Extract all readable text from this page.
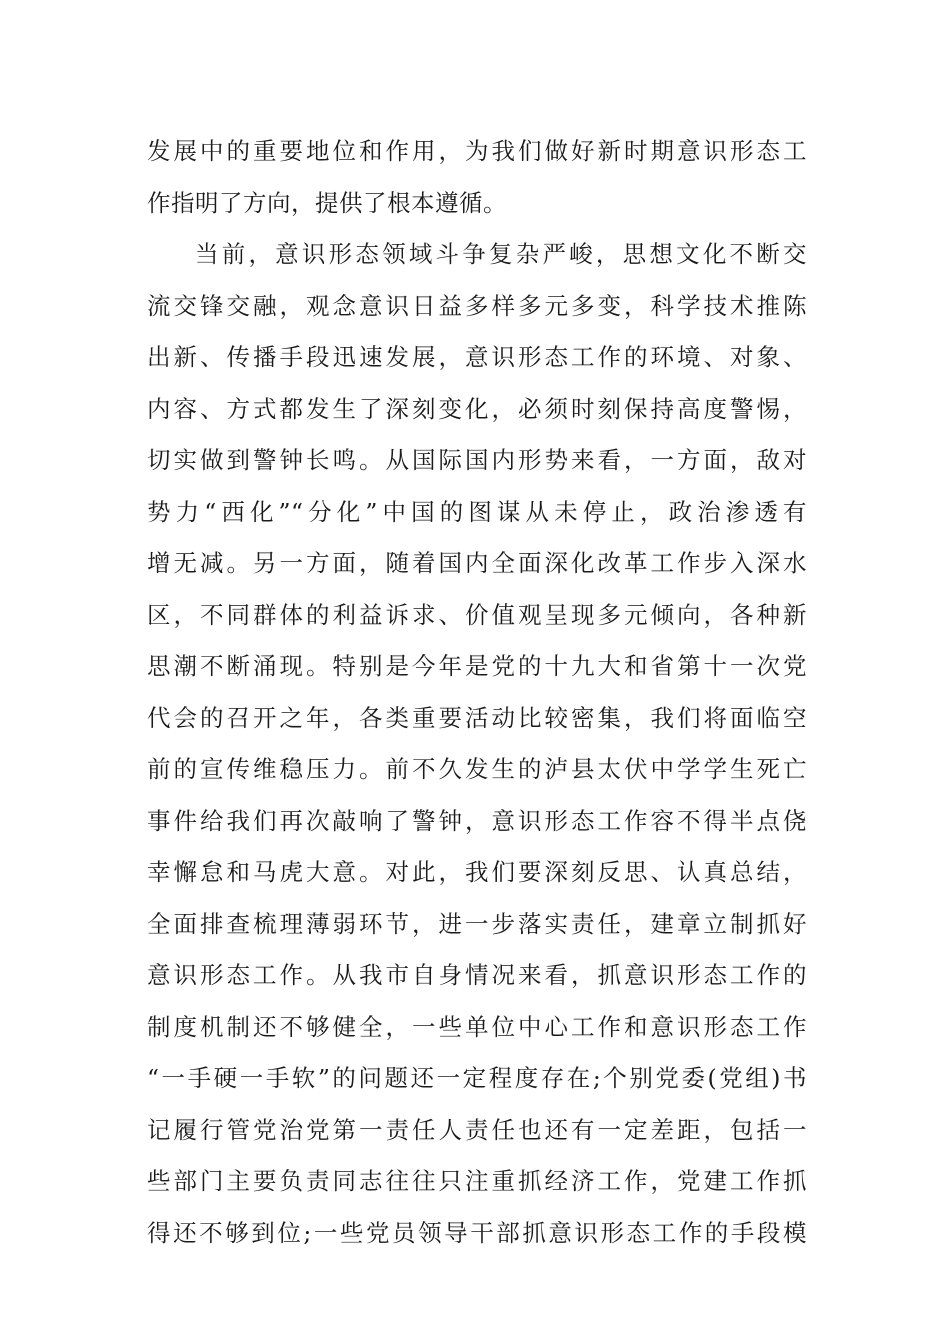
发展中的重要地位和作用，为我们做好新时期意识形态工
作指明了方向，提供了根本遵循。
当前，意识形态领域斗争复杂严峻，思想文化不断交
流交锋交融，观念意识日益多样多元多变，科学技术推陈
出新、传播手段迅速发展，意识形态工作的环境、对象、
内容、方式都发生了深刻变化，必须时刻保持高度警惕，
切实做到警钟长鸣。从国际国内形势来看，一方面，敌对
势力“西化”“分化”中国的图谋从未停止，政治渗透有
增无减。另一方面，随着国内全面深化改革工作步入深水
区，不同群体的利益诉求、价值观呈现多元倾向，各种新
思潮不断涌现。特别是今年是党的十九大和省第十一次党
代会的召开之年，各类重要活动比较密集，我们将面临空
前的宣传维稳压力。前不久发生的泸县太伏中学学生死亡
事件给我们再次敲响了警钟，意识形态工作容不得半点侥
幸懈怠和马虎大意。对此，我们要深刻反思、认真总结，
全面排查梳理薄弱环节，进一步落实责任，建章立制抓好
意识形态工作。从我市自身情况来看，抓意识形态工作的
制度机制还不够健全，一些单位中心工作和意识形态工作
“一手硬一手软”的问题还一定程度存在;个别党委(党组)书
记履行管党治党第一责任人责任也还有一定差距，包括一
些部门主要负责同志往往只注重抓经济工作，党建工作抓
得还不够到位;一些党员领导干部抓意识形态工作的手段模
